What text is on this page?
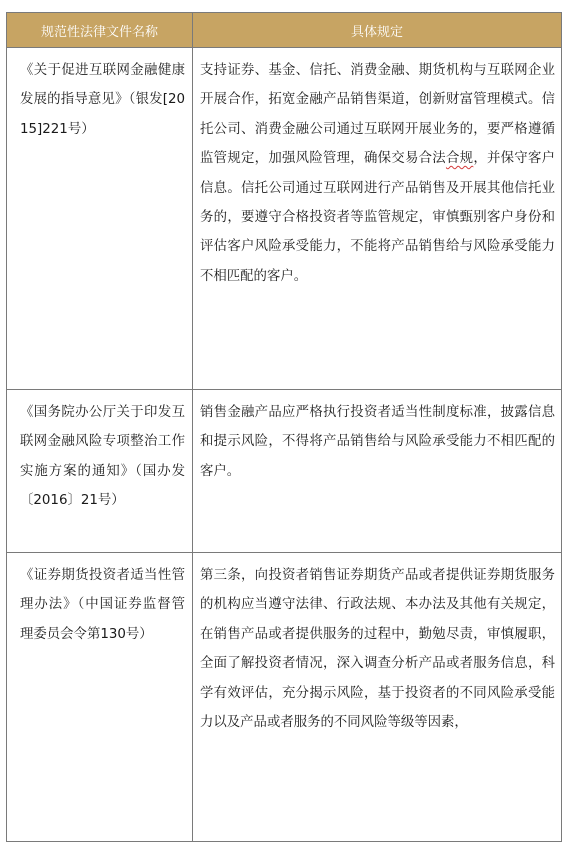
规范性法律文件名称	具体规定
《关于促进互联网金融健康发展的指导意见》（银发[2015]221号）	支持证券、基金、信托、消费金融、期货机构与互联网企业开展合作，拓宽金融产品销售渠道，创新财富管理模式。信托公司、消费金融公司通过互联网开展业务的，要严格遵循监管规定，加强风险管理，确保交易合法合规，并保守客户信息。信托公司通过互联网进行产品销售及开展其他信托业务的，要遵守合格投资者等监管规定，审慎甄别客户身份和评估客户风险承受能力，不能将产品销售给与风险承受能力不相匹配的客户。
《国务院办公厅关于印发互联网金融风险专项整治工作实施方案的通知》（国办发〔2016〕21号）	销售金融产品应严格执行投资者适当性制度标准，披露信息和提示风险，不得将产品销售给与风险承受能力不相匹配的客户。
《证券期货投资者适当性管理办法》（中国证券监督管理委员会令第130号）	第三条，向投资者销售证券期货产品或者提供证券期货服务的机构应当遵守法律、行政法规、本办法及其他有关规定，在销售产品或者提供服务的过程中，勤勉尽责，审慎履职，全面了解投资者情况，深入调查分析产品或者服务信息，科学有效评估，充分揭示风险，基于投资者的不同风险承受能力以及产品或者服务的不同风险等级等因素，
